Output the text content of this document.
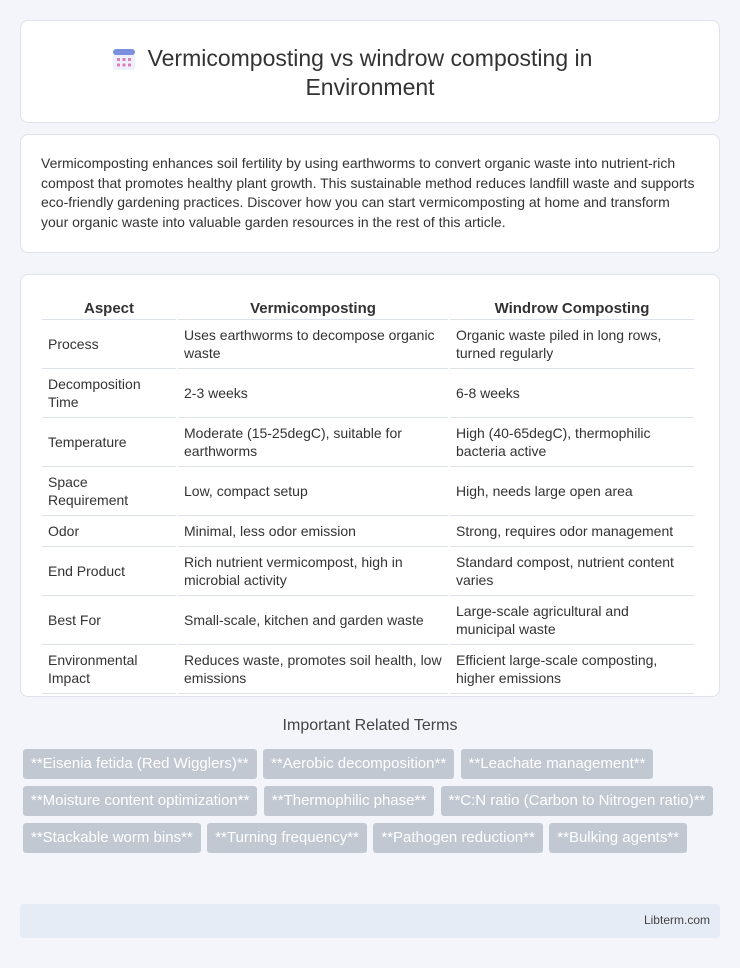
Vermicomposting vs windrow composting in Environment

Vermicomposting enhances soil fertility by using earthworms to convert organic waste into nutrient-rich compost that promotes healthy plant growth. This sustainable method reduces landfill waste and supports eco-friendly gardening practices. Discover how you can start vermicomposting at home and transform your organic waste into valuable garden resources in the rest of this article.

Aspect	Vermicomposting	Windrow Composting
Process	Uses earthworms to decompose organic waste	Organic waste piled in long rows, turned regularly
Decomposition Time	2-3 weeks	6-8 weeks
Temperature	Moderate (15-25degC), suitable for earthworms	High (40-65degC), thermophilic bacteria active
Space Requirement	Low, compact setup	High, needs large open area
Odor	Minimal, less odor emission	Strong, requires odor management
End Product	Rich nutrient vermicompost, high in microbial activity	Standard compost, nutrient content varies
Best For	Small-scale, kitchen and garden waste	Large-scale agricultural and municipal waste
Environmental Impact	Reduces waste, promotes soil health, low emissions	Efficient large-scale composting, higher emissions
Important Related Terms
**Eisenia fetida (Red Wigglers)** **Aerobic decomposition** **Leachate management** **Moisture content optimization** **Thermophilic phase** **C:N ratio (Carbon to Nitrogen ratio)** **Stackable worm bins** **Turning frequency** **Pathogen reduction** **Bulking agents**
Libterm.com
